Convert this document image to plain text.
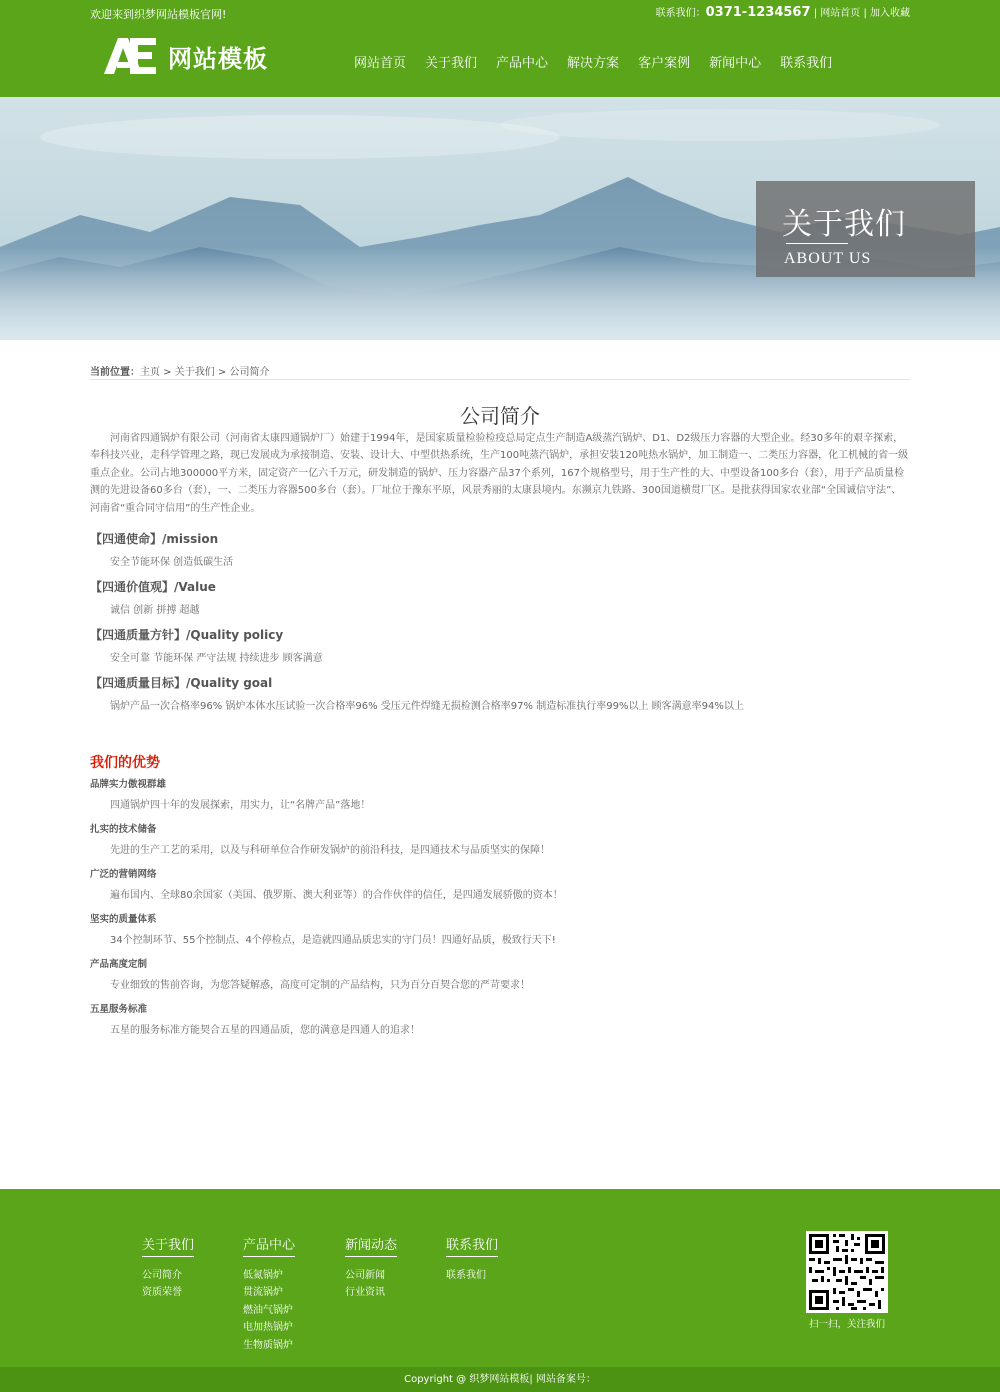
欢迎来到织梦网站模板官网!	联系我们：0371-1234567 | 网站首页 | 加入收藏
网站模板	网站首页 关于我们 产品中心 解决方案 客户案例 新闻中心 联系我们
关于我们
ABOUT US
当前位置：主页 > 关于我们 > 公司简介
公司简介

河南省四通锅炉有限公司（河南省太康四通锅炉厂）始建于1994年，是国家质量检验检疫总局定点生产制造A级蒸汽锅炉、D1、D2级压力容器的大型企业。经30多年的艰辛探索，奉科技兴业，走科学管理之路，现已发展成为承接制造、安装、设计大、中型供热系统，生产100吨蒸汽锅炉，承担安装120吨热水锅炉，加工制造一、二类压力容器，化工机械的省一级重点企业。公司占地300000平方米，固定资产一亿六千万元，研发制造的锅炉、压力容器产品37个系列，167个规格型号，用于生产性的大、中型设备100多台（套），用于产品质量检测的先进设备60多台（套），一、二类压力容器500多台（套）。厂址位于豫东平原，风景秀丽的太康县境内。东濒京九铁路、300国道横贯厂区。是批获得国家农业部“全国诚信守法”、河南省“重合同守信用”的生产性企业。

【四通使命】/mission
安全节能环保 创造低碳生活
【四通价值观】/Value
诚信 创新 拼搏 超越
【四通质量方针】/Quality policy
安全可靠 节能环保 严守法规 持续进步 顾客满意
【四通质量目标】/Quality goal
锅炉产品一次合格率96% 锅炉本体水压试验一次合格率96% 受压元件焊缝无损检测合格率97% 制造标准执行率99%以上 顾客满意率94%以上
我们的优势
品牌实力傲视群雄
四通锅炉四十年的发展探索，用实力，让“名牌产品”落地！
扎实的技术储备
先进的生产工艺的采用，以及与科研单位合作研发锅炉的前沿科技，是四通技术与品质坚实的保障！
广泛的营销网络
遍布国内、全球80余国家（美国、俄罗斯、澳大利亚等）的合作伙伴的信任，是四通发展骄傲的资本！
坚实的质量体系
34个控制环节、55个控制点、4个停检点，是造就四通品质忠实的守门员！四通好品质，极致行天下!
产品高度定制
专业细致的售前咨询，为您答疑解惑，高度可定制的产品结构，只为百分百契合您的严苛要求！
五星服务标准
五星的服务标准方能契合五星的四通品质，您的满意是四通人的追求！
关于我们
公司简介
资质荣誉
产品中心
低氮锅炉
贯流锅炉
燃油气锅炉
电加热锅炉
生物质锅炉
新闻动态
公司新闻
行业资讯
联系我们
联系我们
扫一扫，关注我们
Copyright @ 织梦网站模板| 网站备案号：
